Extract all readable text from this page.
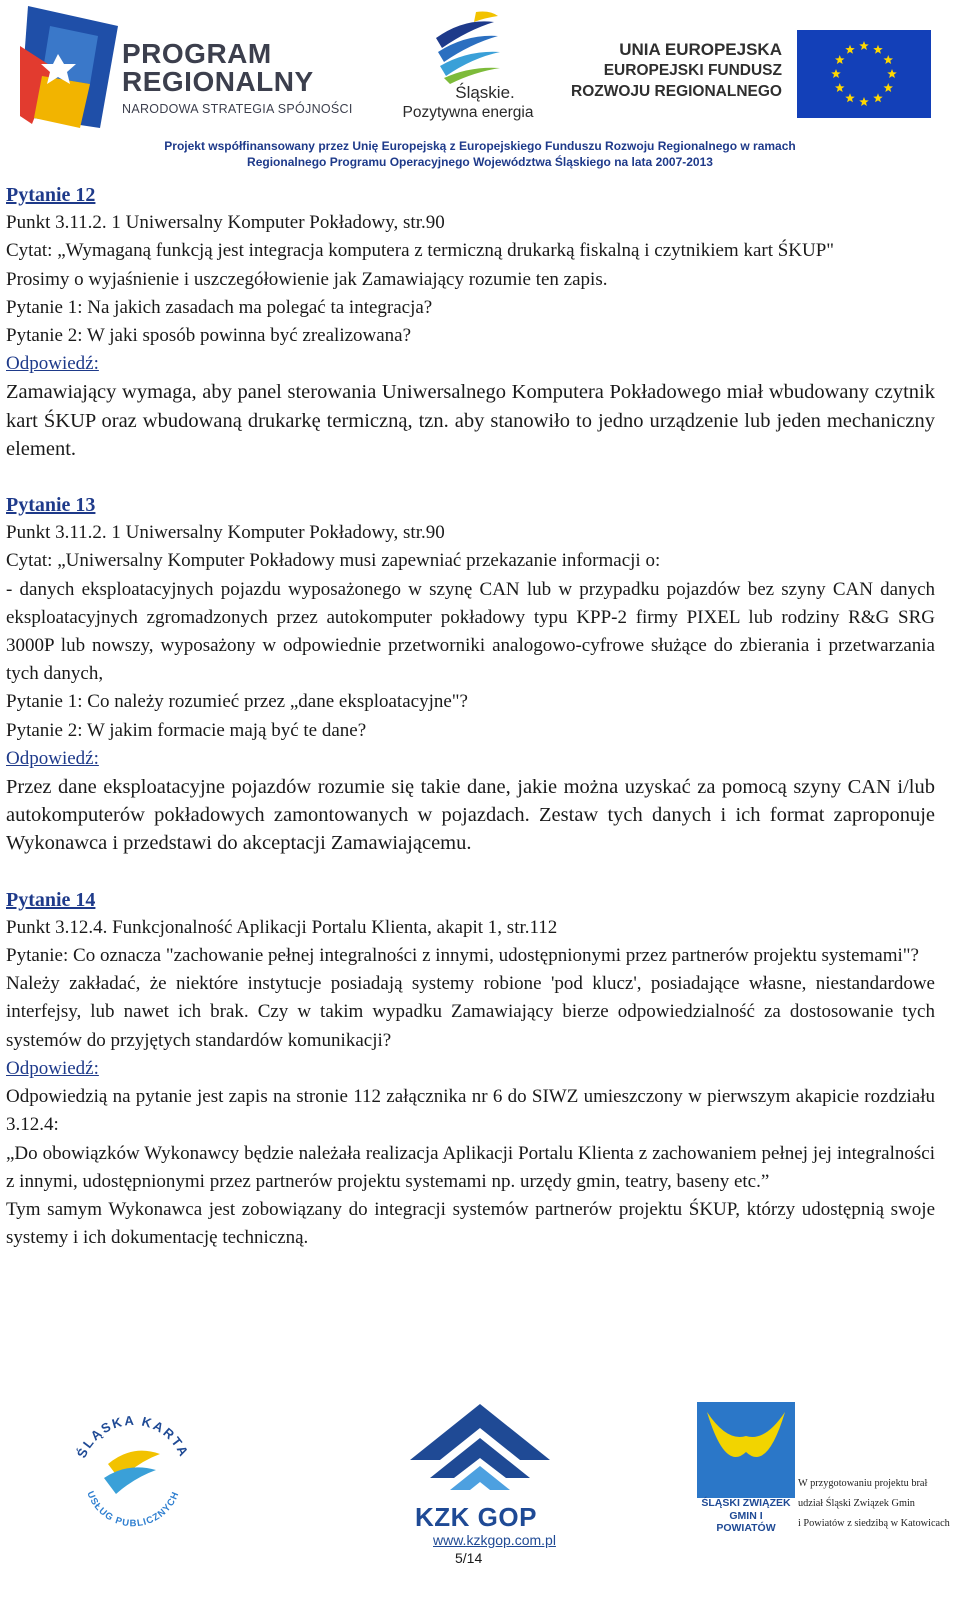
PROGRAM
REGIONALNY
NARODOWA STRATEGIA SPÓJNOŚCI
Śląskie.
Pozytywna energia
UNIA EUROPEJSKA
EUROPEJSKI FUNDUSZ
ROZWOJU REGIONALNEGO
Projekt współfinansowany przez Unię Europejską z Europejskiego Funduszu Rozwoju Regionalnego w ramach
Regionalnego Programu Operacyjnego Województwa Śląskiego na lata 2007-2013

Pytanie 12

Punkt 3.11.2. 1 Uniwersalny Komputer Pokładowy, str.90

Cytat: „Wymaganą funkcją jest integracja komputera z termiczną drukarką fiskalną i czytnikiem kart ŚKUP"

Prosimy o wyjaśnienie i uszczegółowienie jak Zamawiający rozumie ten zapis.

Pytanie 1: Na jakich zasadach ma polegać ta integracja?

Pytanie 2: W jaki sposób powinna być zrealizowana?

Odpowiedź:

Zamawiający wymaga, aby panel sterowania Uniwersalnego Komputera Pokładowego miał wbudowany czytnik kart ŚKUP oraz wbudowaną drukarkę termiczną, tzn. aby stanowiło to jedno urządzenie lub jeden mechaniczny element.

Pytanie 13

Punkt 3.11.2. 1 Uniwersalny Komputer Pokładowy, str.90

Cytat: „Uniwersalny Komputer Pokładowy musi zapewniać przekazanie informacji o:

- danych eksploatacyjnych pojazdu wyposażonego w szynę CAN lub w przypadku pojazdów bez szyny CAN danych eksploatacyjnych zgromadzonych przez autokomputer pokładowy typu KPP-2 firmy PIXEL lub rodziny R&G SRG 3000P lub nowszy, wyposażony w odpowiednie przetworniki analogowo-cyfrowe służące do zbierania i przetwarzania tych danych,

Pytanie 1: Co należy rozumieć przez „dane eksploatacyjne"?

Pytanie 2: W jakim formacie mają być te dane?

Odpowiedź:

Przez dane eksploatacyjne pojazdów rozumie się takie dane, jakie można uzyskać za pomocą szyny CAN i/lub autokomputerów pokładowych zamontowanych w pojazdach. Zestaw tych danych i ich format zaproponuje Wykonawca i przedstawi do akceptacji Zamawiającemu.

Pytanie 14

Punkt 3.12.4. Funkcjonalność Aplikacji Portalu Klienta, akapit 1, str.112

Pytanie: Co oznacza "zachowanie pełnej integralności z innymi, udostępnionymi przez partnerów projektu systemami"?

Należy zakładać, że niektóre instytucje posiadają systemy robione 'pod klucz', posiadające własne, niestandardowe interfejsy, lub nawet ich brak. Czy w takim wypadku Zamawiający bierze odpowiedzialność za dostosowanie tych systemów do przyjętych standardów komunikacji?

Odpowiedź:

Odpowiedzią na pytanie jest zapis na stronie 112 załącznika nr 6 do SIWZ umieszczony w pierwszym akapicie rozdziału 3.12.4:

„Do obowiązków Wykonawcy będzie należała realizacja Aplikacji Portalu Klienta z zachowaniem pełnej jej integralności z innymi, udostępnionymi przez partnerów projektu systemami np. urzędy gmin, teatry, baseny etc.”

Tym samym Wykonawca jest zobowiązany do integracji systemów partnerów projektu ŚKUP, którzy udostępnią swoje systemy i ich dokumentację techniczną.

ŚLĄSKA KARTA
USŁUG PUBLICZNYCH
KZK GOP
www.kzkgop.com.pl
5/14
ŚLĄSKI ZWIĄZEK
GMIN I POWIATÓW
W przygotowaniu projektu brał
udział Śląski Związek Gmin
i Powiatów z siedzibą w Katowicach
